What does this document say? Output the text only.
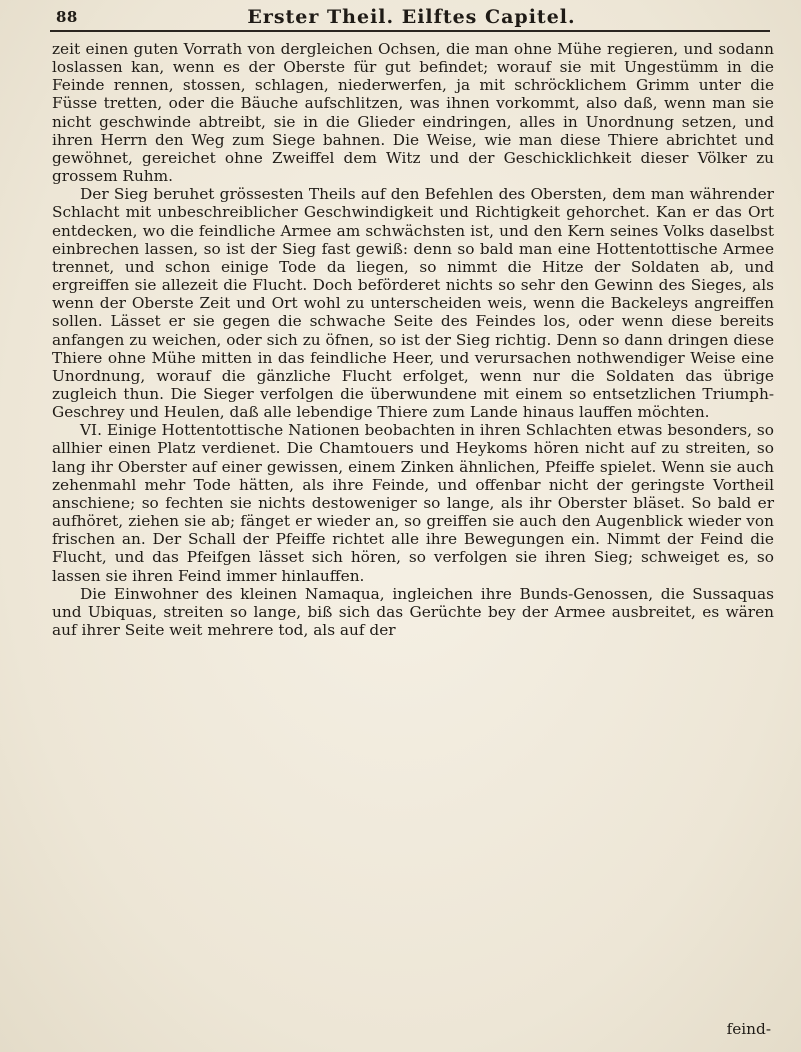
88	Erster Theil. Eilftes Capitel.

zeit einen guten Vorrath von dergleichen Ochsen, die man ohne Mühe regieren, und sodann loslassen kan, wenn es der Oberste für gut befindet; worauf sie mit Ungestümm in die Feinde rennen, stossen, schlagen, niederwerfen, ja mit schröcklichem Grimm unter die Füsse tretten, oder die Bäuche aufschlitzen, was ihnen vorkommt, also daß, wenn man sie nicht geschwinde abtreibt, sie in die Glieder eindringen, alles in Unordnung setzen, und ihren Herrn den Weg zum Siege bahnen. Die Weise, wie man diese Thiere abrichtet und gewöhnet, gereichet ohne Zweiffel dem Witz und der Geschicklichkeit dieser Völker zu grossem Ruhm.

Der Sieg beruhet grössesten Theils auf den Befehlen des Obersten, dem man währender Schlacht mit unbeschreiblicher Geschwindigkeit und Richtigkeit gehorchet. Kan er das Ort entdecken, wo die feindliche Armee am schwächsten ist, und den Kern seines Volks daselbst einbrechen lassen, so ist der Sieg fast gewiß: denn so bald man eine Hottentottische Armee trennet, und schon einige Tode da liegen, so nimmt die Hitze der Soldaten ab, und ergreiffen sie allezeit die Flucht. Doch beförderet nichts so sehr den Gewinn des Sieges, als wenn der Oberste Zeit und Ort wohl zu unterscheiden weis, wenn die Backeleys angreiffen sollen. Lässet er sie gegen die schwache Seite des Feindes los, oder wenn diese bereits anfangen zu weichen, oder sich zu öfnen, so ist der Sieg richtig. Denn so dann dringen diese Thiere ohne Mühe mitten in das feindliche Heer, und verursachen nothwendiger Weise eine Unordnung, worauf die gänzliche Flucht erfolget, wenn nur die Soldaten das übrige zugleich thun. Die Sieger verfolgen die überwundene mit einem so entsetzlichen Triumph-Geschrey und Heulen, daß alle lebendige Thiere zum Lande hinaus lauffen möchten.

VI. Einige Hottentottische Nationen beobachten in ihren Schlachten etwas besonders, so allhier einen Platz verdienet. Die Chamtouers und Heykoms hören nicht auf zu streiten, so lang ihr Oberster auf einer gewissen, einem Zinken ähnlichen, Pfeiffe spielet. Wenn sie auch zehenmahl mehr Tode hätten, als ihre Feinde, und offenbar nicht der geringste Vortheil anschiene; so fechten sie nichts destoweniger so lange, als ihr Oberster bläset. So bald er aufhöret, ziehen sie ab; fänget er wieder an, so greiffen sie auch den Augenblick wieder von frischen an. Der Schall der Pfeiffe richtet alle ihre Bewegungen ein. Nimmt der Feind die Flucht, und das Pfeifgen lässet sich hören, so verfolgen sie ihren Sieg; schweiget es, so lassen sie ihren Feind immer hinlauffen.

Die Einwohner des kleinen Namaqua, ingleichen ihre Bunds-Genossen, die Sussaquas und Ubiquas, streiten so lange, biß sich das Gerüchte bey der Armee ausbreitet, es wären auf ihrer Seite weit mehrere tod, als auf der

feind-
